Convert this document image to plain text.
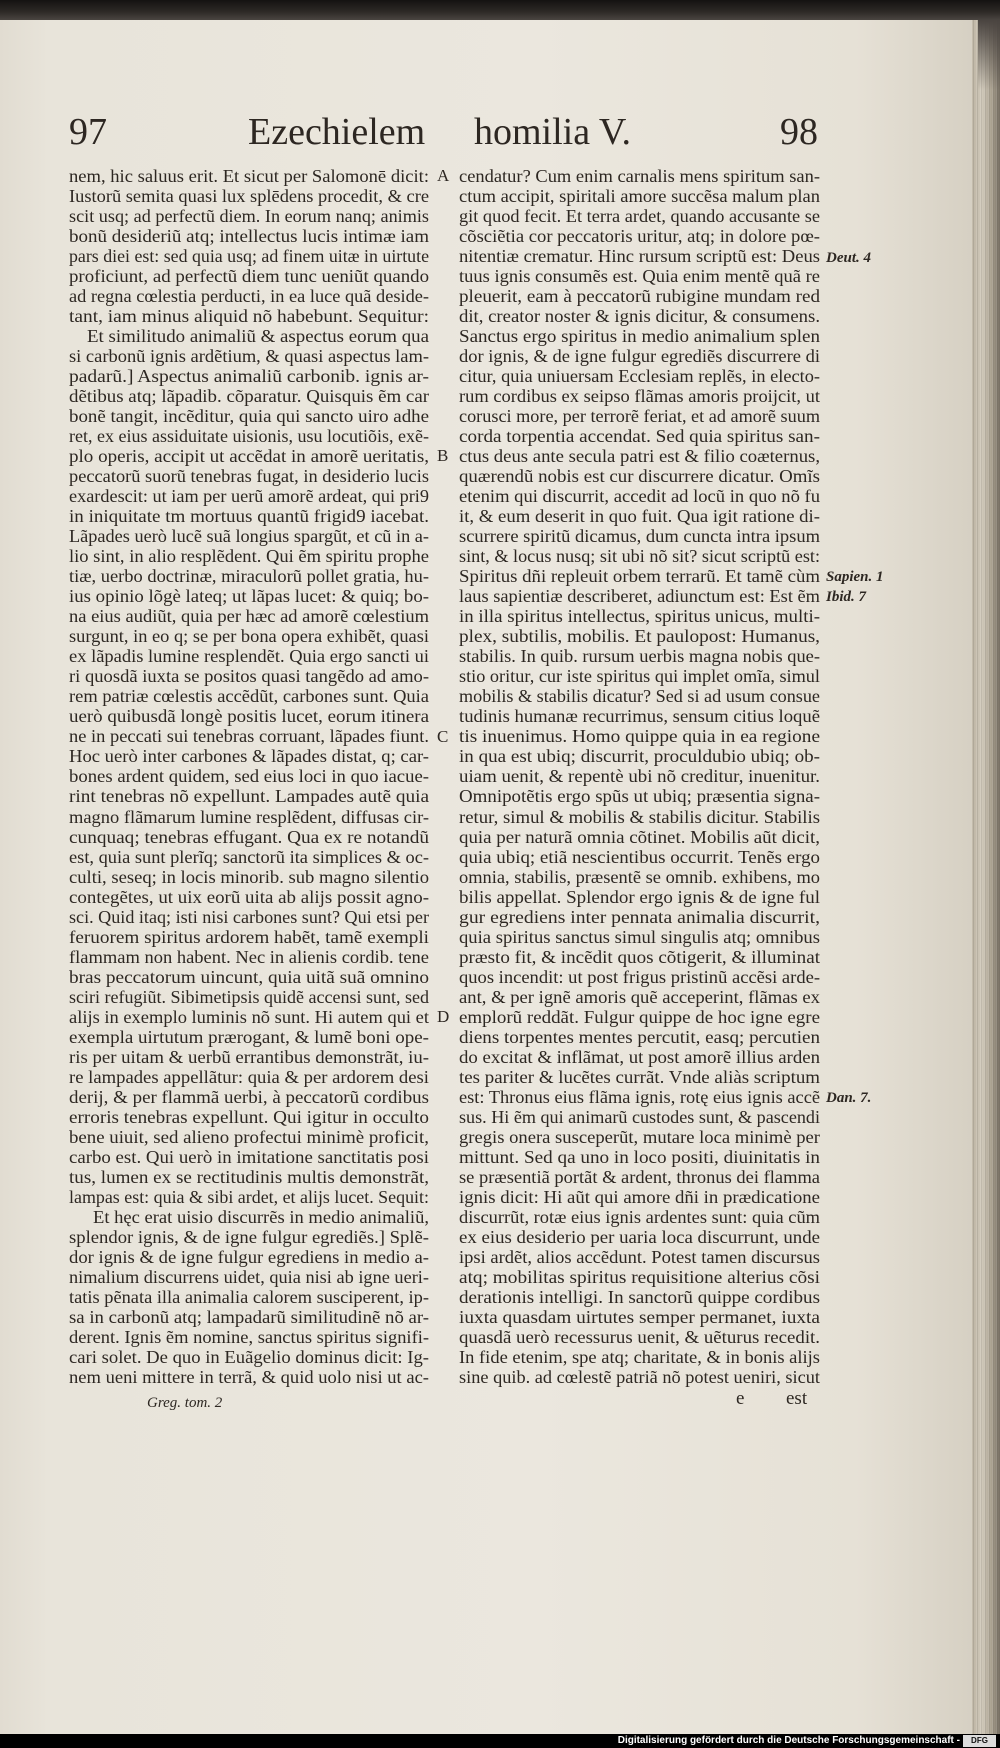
97	Ezechielem homilia V.	98
nem, hic saluus erit. Et sicut per Salomonē dicit:
Iustorũ semita quasi lux splēdens procedit, & cre
scit usq; ad perfectũ diem. In eorum nanq; animis
bonũ desideriũ atq; intellectus lucis intimæ iam
pars diei est: sed quia usq; ad finem uitæ in uirtute
proficiunt, ad perfectũ diem tunc ueniũt quando
ad regna cœlestia perducti, in ea luce quã deside-
tant, iam minus aliquid nõ habebunt. Sequitur:
Et similitudo animaliũ & aspectus eorum qua
si carbonũ ignis ardẽtium, & quasi aspectus lam-
padarũ.] Aspectus animaliũ carbonib. ignis ar-
dẽtibus atq; lãpadib. cõparatur. Quisquis ẽm car
bonẽ tangit, incẽditur, quia qui sancto uiro adhe
ret, ex eius assiduitate uisionis, usu locutiõis, exẽ-
plo operis, accipit ut accẽdat in amorẽ ueritatis,
peccatorũ suorũ tenebras fugat, in desiderio lucis
exardescit: ut iam per uerũ amorẽ ardeat, qui pri9
in iniquitate tm mortuus quantũ frigid9 iacebat.
Lãpades uerò lucẽ suã longius spargũt, et cũ in a-
lio sint, in alio resplẽdent. Qui ẽm spiritu prophe
tiæ, uerbo doctrinæ, miraculorũ pollet gratia, hu-
ius opinio lõgè lateq; ut lãpas lucet: & quiq; bo-
na eius audiũt, quia per hæc ad amorẽ cœlestium
surgunt, in eo q; se per bona opera exhibẽt, quasi
ex lãpadis lumine resplendẽt. Quia ergo sancti ui
ri quosdã iuxta se positos quasi tangẽdo ad amo-
rem patriæ cœlestis accẽdũt, carbones sunt. Quia
uerò quibusdã longè positis lucet, eorum itinera
ne in peccati sui tenebras corruant, lãpades fiunt.
Hoc uerò inter carbones & lãpades distat, q; car-
bones ardent quidem, sed eius loci in quo iacue-
rint tenebras nõ expellunt. Lampades autẽ quia
magno flãmarum lumine resplẽdent, diffusas cir-
cunquaq; tenebras effugant. Qua ex re notandũ
est, quia sunt plerĩq; sanctorũ ita simplices & oc-
culti, seseq; in locis minorib. sub magno silentio
contegẽtes, ut uix eorũ uita ab alijs possit agno-
sci. Quid itaq; isti nisi carbones sunt? Qui etsi per
feruorem spiritus ardorem habẽt, tamẽ exempli
flammam non habent. Nec in alienis cordib. tene
bras peccatorum uincunt, quia uitã suã omnino
sciri refugiũt. Sibimetipsis quidẽ accensi sunt, sed
alijs in exemplo luminis nõ sunt. Hi autem qui et
exempla uirtutum prærogant, & lumẽ boni ope-
ris per uitam & uerbũ errantibus demonstrãt, iu-
re lampades appellãtur: quia & per ardorem desi
derij, & per flammã uerbi, à peccatorũ cordibus
erroris tenebras expellunt. Qui igitur in occulto
bene uiuit, sed alieno profectui minimè proficit,
carbo est. Qui uerò in imitatione sanctitatis posi
tus, lumen ex se rectitudinis multis demonstrãt,
lampas est: quia & sibi ardet, et alijs lucet. Sequit:
Et hęc erat uisio discurrẽs in medio animaliũ,
splendor ignis, & de igne fulgur egrediẽs.] Splẽ-
dor ignis & de igne fulgur egrediens in medio a-
nimalium discurrens uidet, quia nisi ab igne ueri-
tatis pẽnata illa animalia calorem susciperent, ip-
sa in carbonũ atq; lampadarũ similitudinẽ nõ ar-
derent. Ignis ẽm nomine, sanctus spiritus signifi-
cari solet. De quo in Euãgelio dominus dicit: Ig-
nem ueni mittere in terrã, & quid uolo nisi ut ac-
cendatur? Cum enim carnalis mens spiritum san-
ctum accipit, spiritali amore succẽsa malum plan
git quod fecit. Et terra ardet, quando accusante se
cõsciẽtia cor peccatoris uritur, atq; in dolore pœ-
nitentiæ crematur. Hinc rursum scriptũ est: Deus
tuus ignis consumẽs est. Quia enim mentẽ quã re
pleuerit, eam à peccatorũ rubigine mundam red
dit, creator noster & ignis dicitur, & consumens.
Sanctus ergo spiritus in medio animalium splen
dor ignis, & de igne fulgur egrediẽs discurrere di
citur, quia uniuersam Ecclesiam replẽs, in electo-
rum cordibus ex seipso flãmas amoris proijcit, ut
corusci more, per terrorẽ feriat, et ad amorẽ suum
corda torpentia accendat. Sed quia spiritus san-
ctus deus ante secula patri est & filio coæternus,
quærendũ nobis est cur discurrere dicatur. Omĩs
etenim qui discurrit, accedit ad locũ in quo nõ fu
it, & eum deserit in quo fuit. Qua igit ratione di-
scurrere spiritũ dicamus, dum cuncta intra ipsum
sint, & locus nusq; sit ubi nõ sit? sicut scriptũ est:
Spiritus dñi repleuit orbem terrarũ. Et tamẽ cùm
laus sapientiæ describeret, adiunctum est: Est ẽm
in illa spiritus intellectus, spiritus unicus, multi-
plex, subtilis, mobilis. Et paulopost: Humanus,
stabilis. In quib. rursum uerbis magna nobis que-
stio oritur, cur iste spiritus qui implet omĩa, simul
mobilis & stabilis dicatur? Sed si ad usum consue
tudinis humanæ recurrimus, sensum citius loquẽ
tis inuenimus. Homo quippe quia in ea regione
in qua est ubiq; discurrit, proculdubio ubiq; ob-
uiam uenit, & repentè ubi nõ creditur, inuenitur.
Omnipotẽtis ergo spũs ut ubiq; præsentia signa-
retur, simul & mobilis & stabilis dicitur. Stabilis
quia per naturã omnia cõtinet. Mobilis aũt dicit,
quia ubiq; etiã nescientibus occurrit. Tenẽs ergo
omnia, stabilis, præsentẽ se omnib. exhibens, mo
bilis appellat. Splendor ergo ignis & de igne ful
gur egrediens inter pennata animalia discurrit,
quia spiritus sanctus simul singulis atq; omnibus
præsto fit, & incẽdit quos cõtigerit, & illuminat
quos incendit: ut post frigus pristinũ accẽsi arde-
ant, & per ignẽ amoris quẽ acceperint, flãmas ex
emplorũ reddãt. Fulgur quippe de hoc igne egre
diens torpentes mentes percutit, easq; percutien
do excitat & inflãmat, ut post amorẽ illius arden
tes pariter & lucẽtes currãt. Vnde aliàs scriptum
est: Thronus eius flãma ignis, rotę eius ignis accẽ
sus. Hi ẽm qui animarũ custodes sunt, & pascendi
gregis onera susceperũt, mutare loca minimè per
mittunt. Sed qa uno in loco positi, diuinitatis in
se præsentiã portãt & ardent, thronus dei flamma
ignis dicit: Hi aũt qui amore dñi in prædicatione
discurrũt, rotæ eius ignis ardentes sunt: quia cũm
ex eius desiderio per uaria loca discurrunt, unde
ipsi ardẽt, alios accẽdunt. Potest tamen discursus
atq; mobilitas spiritus requisitione alterius cõsi
derationis intelligi. In sanctorũ quippe cordibus
iuxta quasdam uirtutes semper permanet, iuxta
quasdã uerò recessurus uenit, & uẽturus recedit.
In fide etenim, spe atq; charitate, & in bonis alijs
sine quib. ad cœlestẽ patriã nõ potest ueniri, sicut
A
B
C
D
Deut. 4
Sapien. 1
Ibid. 7
Dan. 7.
Greg. tom. 2	e est
Digitalisierung gefördert durch die Deutsche Forschungsgemeinschaft -	DFG
